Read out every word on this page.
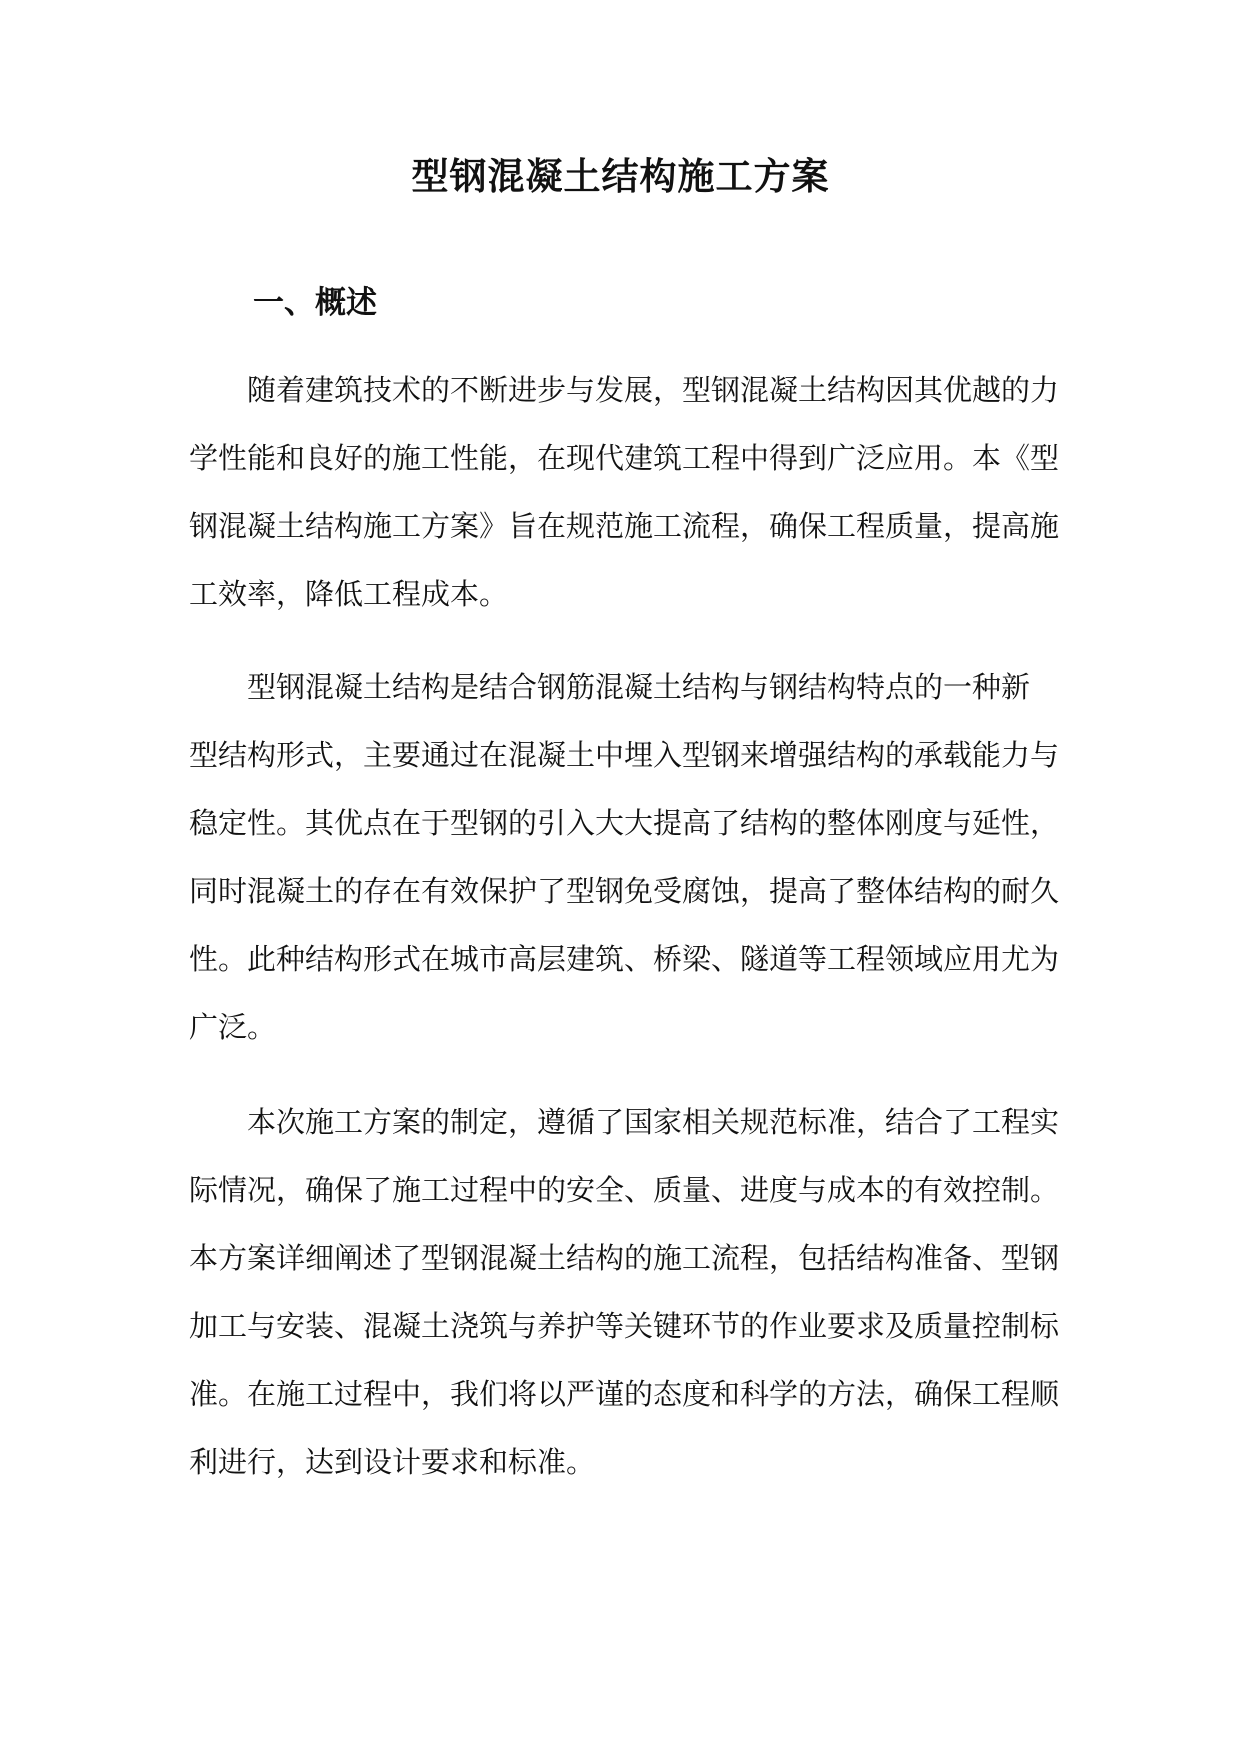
型钢混凝土结构施工方案
一、概述

随着建筑技术的不断进步与发展，型钢混凝土结构因其优越的力

学性能和良好的施工性能，在现代建筑工程中得到广泛应用。本《型

钢混凝土结构施工方案》旨在规范施工流程，确保工程质量，提高施

工效率，降低工程成本。

型钢混凝土结构是结合钢筋混凝土结构与钢结构特点的一种新

型结构形式，主要通过在混凝土中埋入型钢来增强结构的承载能力与

稳定性。其优点在于型钢的引入大大提高了结构的整体刚度与延性，

同时混凝土的存在有效保护了型钢免受腐蚀，提高了整体结构的耐久

性。此种结构形式在城市高层建筑、桥梁、隧道等工程领域应用尤为

广泛。

本次施工方案的制定，遵循了国家相关规范标准，结合了工程实

际情况，确保了施工过程中的安全、质量、进度与成本的有效控制。

本方案详细阐述了型钢混凝土结构的施工流程，包括结构准备、型钢

加工与安装、混凝土浇筑与养护等关键环节的作业要求及质量控制标

准。在施工过程中，我们将以严谨的态度和科学的方法，确保工程顺

利进行，达到设计要求和标准。
